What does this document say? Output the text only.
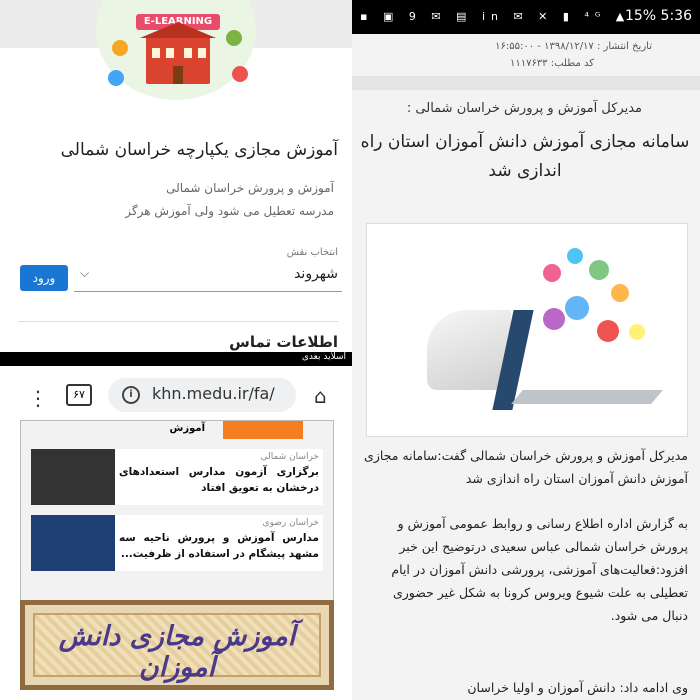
آموزش مجازی یکپارچه خراسان شمالی
آموزش و پرورش خراسان شمالی
مدرسه تعطیل می شود ولی آموزش هرگز
انتخاب نقش
شهروند
⌵
ورود
اطلاعات تماس
▪ ▣ 9 ✉ ▤ in ✉ ✕ ▮ ⁴ᴳ ▲
15% 5:36
تاریخ انتشار : ۱۳۹۸/۱۲/۱۷ - ۱۶:۵۵:۰۰
کد مطلب: ۱۱۱۷۶۳۳
مدیرکل آموزش و پرورش خراسان شمالی :
سامانه مجازی آموزش دانش آموزان استان راه اندازی شد
مدیرکل آموزش و پرورش خراسان شمالی گفت:سامانه مجازی آموزش دانش آموزان استان راه اندازی شد
به گزارش اداره اطلاع رسانی و روابط عمومی آموزش و پرورش خراسان شمالی عباس سعیدی درتوضیح این خبر افزود:فعالیت‌های آموزشی، پرورشی دانش آموزان در ایام تعطیلی به علت شیوع ویروس کرونا به شکل غیر حضوری دنبال می شود.
وی ادامه داد: دانش آموزان و اولیا خراسان
اسلاید بعدی
⋮	۶۷	i	khn.medu.ir/fa/ ⌂
آموزش
خراسان شمالی
برگزاری آزمون مدارس استعدادهای درخشان به تعویق افتاد
خراسان رضوی
مدارس آموزش و پرورش ناحیه سه مشهد پیشگام در استفاده از ظرفیت...
آموزش مجازی دانش آموزان
